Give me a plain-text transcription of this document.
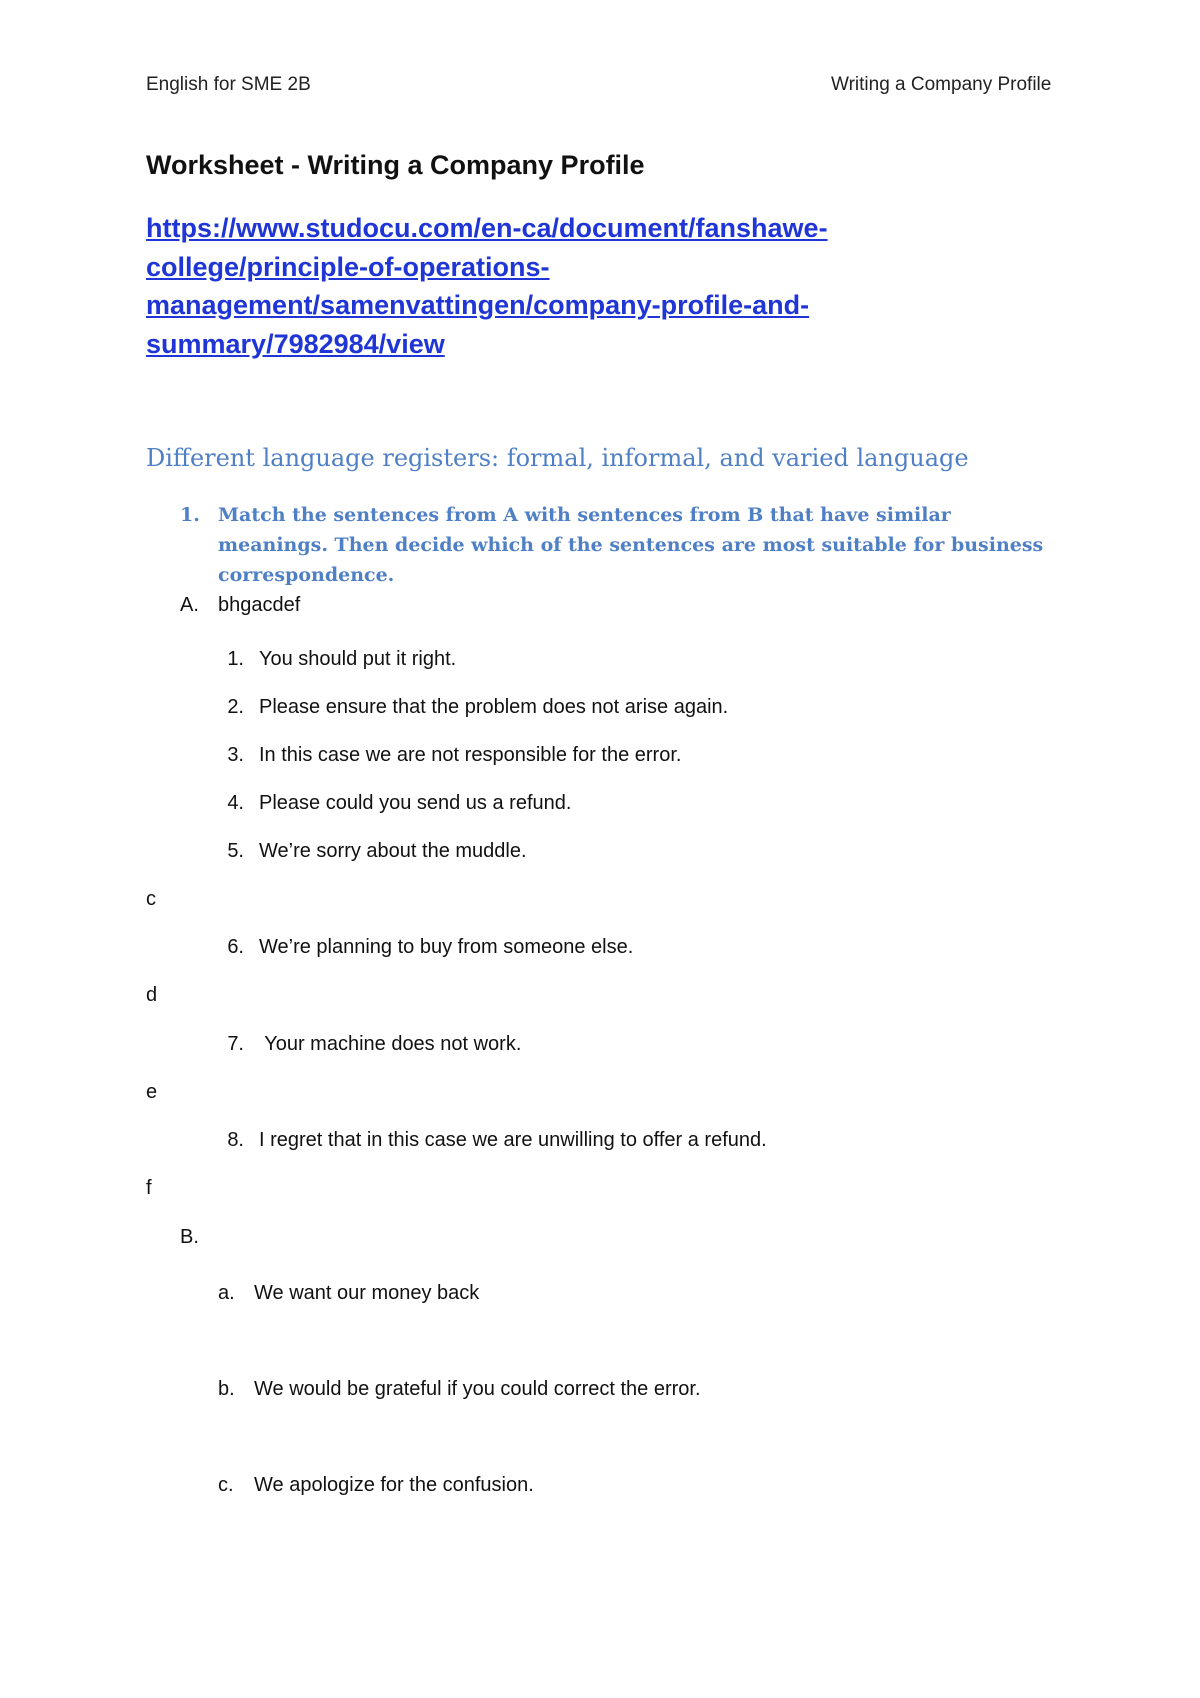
English for SME 2B	Writing a Company Profile
Worksheet - Writing a Company Profile
https://www.studocu.com/en-ca/document/fanshawe-
college/principle-of-operations-
management/samenvattingen/company-profile-and-
summary/7982984/view
Different language registers: formal, informal, and varied language
1. Match the sentences from A with sentences from B that have similar meanings. Then decide which of the sentences are most suitable for business correspondence.
A. bhgacdef
1. You should put it right.
2. Please ensure that the problem does not arise again.
3. In this case we are not responsible for the error.
4. Please could you send us a refund.
5. We’re sorry about the muddle.
c
6. We’re planning to buy from someone else.
d
7. Your machine does not work.
e
8. I regret that in this case we are unwilling to offer a refund.
f
B.
a. We want our money back
b. We would be grateful if you could correct the error.
c. We apologize for the confusion.
